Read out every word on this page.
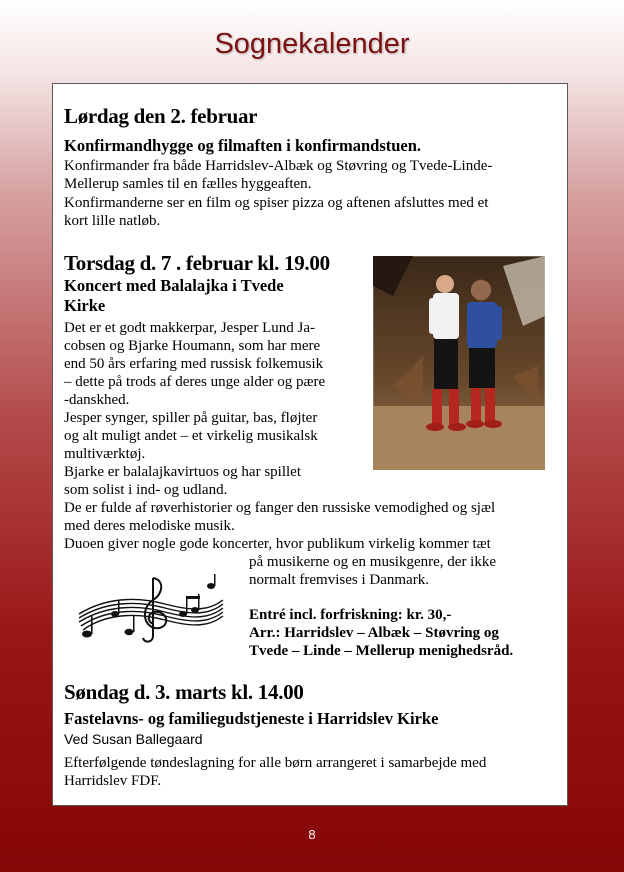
Sognekalender
Lørdag den 2. februar
Konfirmandhygge og filmaften i konfirmandstuen.
Konfirmander fra både Harridslev-Albæk og Støvring og Tvede-Linde-
Mellerup samles til en fælles hyggeaften.
Konfirmanderne ser en film og spiser pizza og aftenen afsluttes med et
kort lille natløb.
Torsdag d. 7 . februar kl. 19.00
Koncert med Balalajka i Tvede
Kirke
Det er et godt makkerpar, Jesper Lund Ja-
cobsen og Bjarke Houmann, som har mere
end 50 års erfaring med russisk folkemusik
– dette på trods af deres unge alder og pære
-danskhed.
Jesper synger, spiller på guitar, bas, fløjter
og alt muligt andet – et virkelig musikalsk
multiværktøj.
Bjarke er balalajkavirtuos og har spillet
som solist i ind- og udland.
De er fulde af røverhistorier og fanger den russiske vemodighed og sjæl
med deres melodiske musik.
Duoen giver nogle gode koncerter, hvor publikum virkelig kommer tæt
på musikerne og en musikgenre, der ikke
normalt fremvises i Danmark.
Entré incl. forfriskning: kr. 30,-
Arr.: Harridslev – Albæk – Støvring og
Tvede – Linde – Mellerup menighedsråd.
Søndag d. 3. marts kl. 14.00
Fastelavns- og familiegudstjeneste i Harridslev Kirke
Ved Susan Ballegaard
Efterfølgende tøndeslagning for alle børn arrangeret i samarbejde med
Harridslev FDF.
8
